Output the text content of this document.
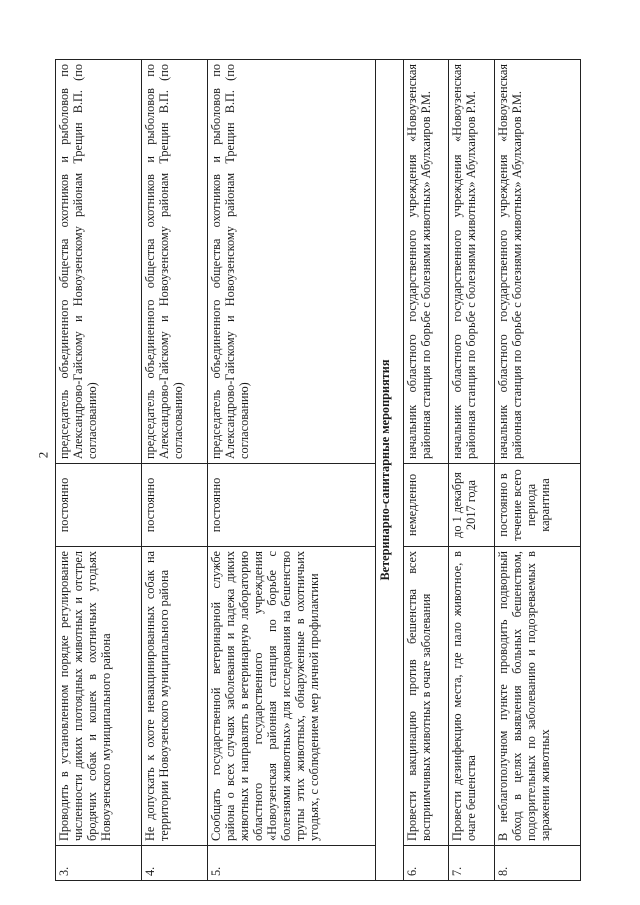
2
3.	Проводить в установленном порядке регулирование численности диких плотоядных животных и отстрел бродячих собак и кошек в охотничьих угодьях Новоузенского муниципального района	постоянно	председатель объединенного общества охотников и рыболовов по Александрово-Гайскому и Новоузенскому районам Трещин В.П. (по согласованию)
4.	Не допускать к охоте невакцинированных собак на территории Новоузенского муниципального района	постоянно	председатель объединенного общества охотников и рыболовов по Александрово-Гайскому и Новоузенскому районам Трещин В.П. (по согласованию)
5.	Сообщать государственной ветеринарной службе района о всех случаях заболевания и падежа диких животных и направлять в ветеринарную лабораторию областного государственного учреждения «Новоузенская районная станция по борьбе с болезнями животных» для исследования на бешенство трупы этих животных, обнаруженные в охотничьих угодьях, с соблюдением мер личной профилактики	постоянно	председатель объединенного общества охотников и рыболовов по Александрово-Гайскому и Новоузенскому районам Трещин В.П. (по согласованию)
Ветеринарно-санитарные мероприятия			
6.	Провести вакцинацию против бешенства всех восприимчивых животных в очаге заболевания	немедленно	начальник областного государственного учреждения «Новоузенская районная станция по борьбе с болезнями животных» Абулхаиров Р.М.
7.	Провести дезинфекцию места, где пало животное, в очаге бешенства	до 1 декабря 2017 года	начальник областного государственного учреждения «Новоузенская районная станция по борьбе с болезнями животных» Абулхаиров Р.М.
8.	В неблагополучном пункте проводить подворный обход в целях выявления больных бешенством, подозрительных по заболеванию и подозреваемых в заражении животных	постоянно в течение всего периода карантина	начальник областного государственного учреждения «Новоузенская районная станция по борьбе с болезнями животных» Абулхаиров Р.М.
